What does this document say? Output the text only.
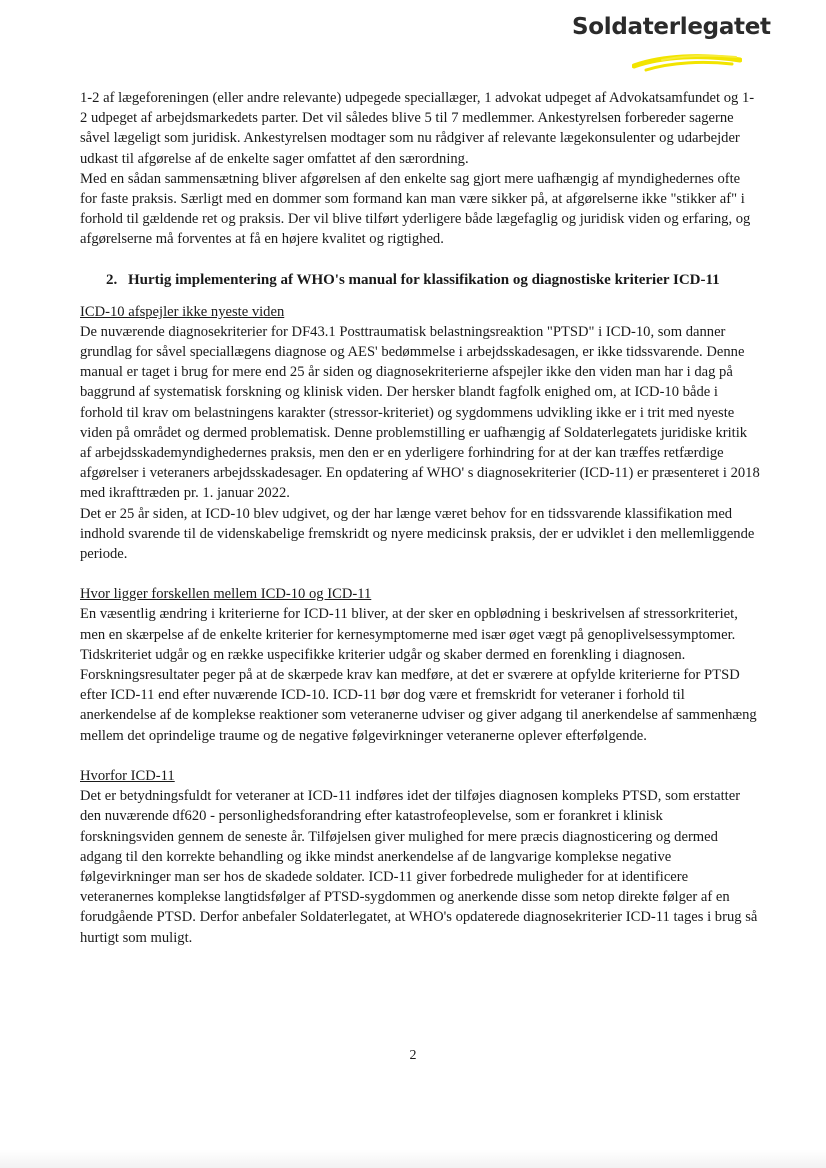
Soldaterlegatet

1-2 af lægeforeningen (eller andre relevante) udpegede speciallæger, 1 advokat udpeget af Advokatsamfundet og 1-2 udpeget af arbejdsmarkedets parter. Det vil således blive 5 til 7 medlemmer. Ankestyrelsen forbereder sagerne såvel lægeligt som juridisk. Ankestyrelsen modtager som nu rådgiver af relevante lægekonsulenter og udarbejder udkast til afgørelse af de enkelte sager omfattet af den særordning.

Med en sådan sammensætning bliver afgørelsen af den enkelte sag gjort mere uafhængig af myndighedernes ofte for faste praksis. Særligt med en dommer som formand kan man være sikker på, at afgørelserne ikke "stikker af" i forhold til gældende ret og praksis. Der vil blive tilført yderligere både lægefaglig og juridisk viden og erfaring, og afgørelserne må forventes at få en højere kvalitet og rigtighed.

2. Hurtig implementering af WHO's manual for klassifikation og diagnostiske kriterier ICD-11

ICD-10 afspejler ikke nyeste viden

De nuværende diagnosekriterier for DF43.1 Posttraumatisk belastningsreaktion "PTSD" i ICD-10, som danner grundlag for såvel speciallægens diagnose og AES' bedømmelse i arbejdsskadesagen, er ikke tidssvarende. Denne manual er taget i brug for mere end 25 år siden og diagnosekriterierne afspejler ikke den viden man har i dag på baggrund af systematisk forskning og klinisk viden. Der hersker blandt fagfolk enighed om, at ICD-10 både i forhold til krav om belastningens karakter (stressor-kriteriet) og sygdommens udvikling ikke er i trit med nyeste viden på området og dermed problematisk. Denne problemstilling er uafhængig af Soldaterlegatets juridiske kritik af arbejdsskademyndighedernes praksis, men den er en yderligere forhindring for at der kan træffes retfærdige afgørelser i veteraners arbejdsskadesager. En opdatering af WHO' s diagnosekriterier (ICD-11) er præsenteret i 2018 med ikrafttræden pr. 1. januar 2022.

Det er 25 år siden, at ICD-10 blev udgivet, og der har længe været behov for en tidssvarende klassifikation med indhold svarende til de videnskabelige fremskridt og nyere medicinsk praksis, der er udviklet i den mellemliggende periode.

Hvor ligger forskellen mellem ICD-10 og ICD-11

En væsentlig ændring i kriterierne for ICD-11 bliver, at der sker en opblødning i beskrivelsen af stressorkriteriet, men en skærpelse af de enkelte kriterier for kernesymptomerne med især øget vægt på genoplivelsessymptomer. Tidskriteriet udgår og en række uspecifikke kriterier udgår og skaber dermed en forenkling i diagnosen. Forskningsresultater peger på at de skærpede krav kan medføre, at det er sværere at opfylde kriterierne for PTSD efter ICD-11 end efter nuværende ICD-10. ICD-11 bør dog være et fremskridt for veteraner i forhold til anerkendelse af de komplekse reaktioner som veteranerne udviser og giver adgang til anerkendelse af sammenhæng mellem det oprindelige traume og de negative følgevirkninger veteranerne oplever efterfølgende.

Hvorfor ICD-11

Det er betydningsfuldt for veteraner at ICD-11 indføres idet der tilføjes diagnosen kompleks PTSD, som erstatter den nuværende df620 - personlighedsforandring efter katastrofeoplevelse, som er forankret i klinisk forskningsviden gennem de seneste år. Tilføjelsen giver mulighed for mere præcis diagnosticering og dermed adgang til den korrekte behandling og ikke mindst anerkendelse af de langvarige komplekse negative følgevirkninger man ser hos de skadede soldater. ICD-11 giver forbedrede muligheder for at identificere veteranernes komplekse langtidsfølger af PTSD-sygdommen og anerkende disse som netop direkte følger af en forudgående PTSD. Derfor anbefaler Soldaterlegatet, at WHO's opdaterede diagnosekriterier ICD-11 tages i brug så hurtigt som muligt.

2
